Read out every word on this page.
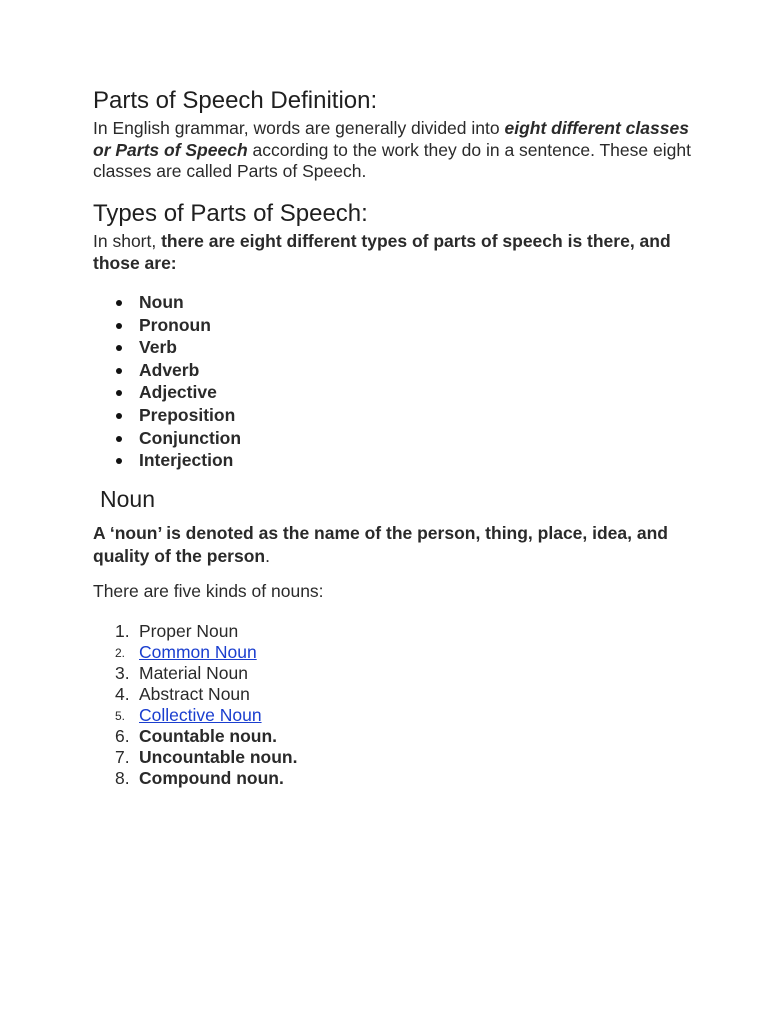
Parts of Speech Definition:
In English grammar, words are generally divided into eight different classes or Parts of Speech according to the work they do in a sentence. These eight classes are called Parts of Speech.
Types of Parts of Speech:
In short, there are eight different types of parts of speech is there, and those are:
Noun
Pronoun
Verb
Adverb
Adjective
Preposition
Conjunction
Interjection
Noun
A ‘noun’ is denoted as the name of the person, thing, place, idea, and quality of the person.
There are five kinds of nouns:
1. Proper Noun
2. Common Noun
3. Material Noun
4. Abstract Noun
5. Collective Noun
6. Countable noun.
7. Uncountable noun.
8. Compound noun.
